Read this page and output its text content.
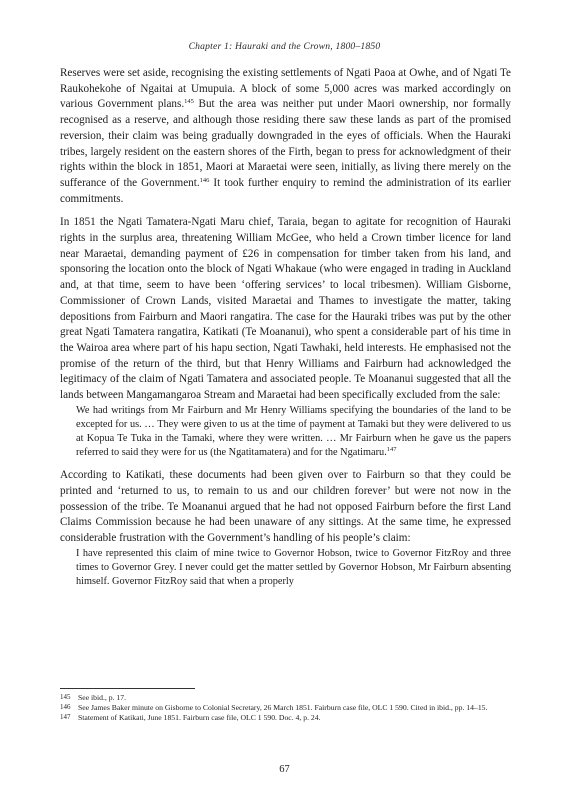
Chapter 1: Hauraki and the Crown, 1800–1850

Reserves were set aside, recognising the existing settlements of Ngati Paoa at Owhe, and of Ngati Te Raukohekohe of Ngaitai at Umupuia. A block of some 5,000 acres was marked accordingly on various Government plans.$^{145}$ But the area was neither put under Maori ownership, nor formally recognised as a reserve, and although those residing there saw these lands as part of the promised reversion, their claim was being gradually downgraded in the eyes of officials. When the Hauraki tribes, largely resident on the eastern shores of the Firth, began to press for acknowledgment of their rights within the block in 1851, Maori at Maraetai were seen, initially, as living there merely on the sufferance of the Government.$^{146}$ It took further enquiry to remind the administration of its earlier commitments.

In 1851 the Ngati Tamatera-Ngati Maru chief, Taraia, began to agitate for recognition of Hauraki rights in the surplus area, threatening William McGee, who held a Crown timber licence for land near Maraetai, demanding payment of £26 in compensation for timber taken from his land, and sponsoring the location onto the block of Ngati Whakaue (who were engaged in trading in Auckland and, at that time, seem to have been ‘offering services’ to local tribesmen). William Gisborne, Commissioner of Crown Lands, visited Maraetai and Thames to investigate the matter, taking depositions from Fairburn and Maori rangatira. The case for the Hauraki tribes was put by the other great Ngati Tamatera rangatira, Katikati (Te Moananui), who spent a considerable part of his time in the Wairoa area where part of his hapu section, Ngati Tawhaki, held interests. He emphasised not the promise of the return of the third, but that Henry Williams and Fairburn had acknowledged the legitimacy of the claim of Ngati Tamatera and associated people. Te Moananui suggested that all the lands between Mangamangaroa Stream and Maraetai had been specifically excluded from the sale:

We had writings from Mr Fairburn and Mr Henry Williams specifying the boundaries of the land to be excepted for us. … They were given to us at the time of payment at Tamaki but they were delivered to us at Kopua Te Tuka in the Tamaki, where they were written. … Mr Fairburn when he gave us the papers referred to said they were for us (the Ngatitamatera) and for the Ngatimaru.$^{147}$

According to Katikati, these documents had been given over to Fairburn so that they could be printed and ‘returned to us, to remain to us and our children forever’ but were not now in the possession of the tribe. Te Moananui argued that he had not opposed Fairburn before the first Land Claims Commission because he had been unaware of any sittings. At the same time, he expressed considerable frustration with the Government’s handling of his people’s claim:

I have represented this claim of mine twice to Governor Hobson, twice to Governor FitzRoy and three times to Governor Grey. I never could get the matter settled by Governor Hobson, Mr Fairburn absenting himself. Governor FitzRoy said that when a properly

145 See ibid., p. 17.
146 See James Baker minute on Gisborne to Colonial Secretary, 26 March 1851. Fairburn case file, OLC 1 590. Cited in ibid., pp. 14–15.
147 Statement of Katikati, June 1851. Fairburn case file, OLC 1 590. Doc. 4, p. 24.
67
